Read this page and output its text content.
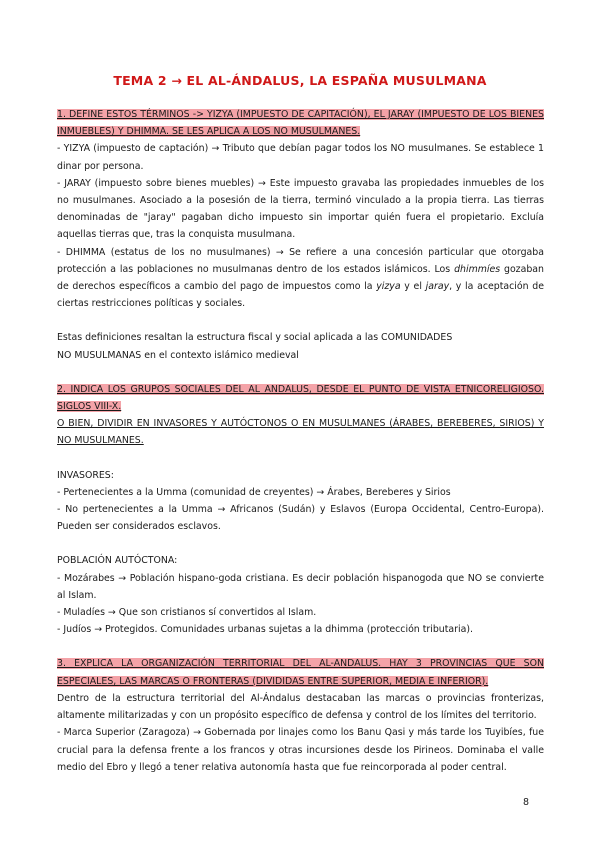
TEMA 2 → EL AL-ÁNDALUS, LA ESPAÑA MUSULMANA

1. DEFINE ESTOS TÉRMINOS -> YIZYA (IMPUESTO DE CAPITACIÓN), EL JARAY (IMPUESTO DE LOS BIENES INMUEBLES) Y DHIMMA. SE LES APLICA A LOS NO MUSULMANES.

- YIZYA (impuesto de captación) → Tributo que debían pagar todos los NO musulmanes. Se establece 1 dinar por persona.

- JARAY (impuesto sobre bienes muebles) → Este impuesto gravaba las propiedades inmuebles de los no musulmanes. Asociado a la posesión de la tierra, terminó vinculado a la propia tierra. Las tierras denominadas de "jaray" pagaban dicho impuesto sin importar quién fuera el propietario. Excluía aquellas tierras que, tras la conquista musulmana.

- DHIMMA (estatus de los no musulmanes) → Se refiere a una concesión particular que otorgaba protección a las poblaciones no musulmanas dentro de los estados islámicos. Los dhimmíes gozaban de derechos específicos a cambio del pago de impuestos como la yizya y el jaray, y la aceptación de ciertas restricciones políticas y sociales.

Estas definiciones resaltan la estructura fiscal y social aplicada a las COMUNIDADES NO MUSULMANAS en el contexto islámico medieval

2. INDICA LOS GRUPOS SOCIALES DEL AL ANDALUS, DESDE EL PUNTO DE VISTA ETNICORELIGIOSO. SIGLOS VIII-X.

O BIEN, DIVIDIR EN INVASORES Y AUTÓCTONOS O EN MUSULMANES (ÁRABES, BEREBERES, SIRIOS) Y NO MUSULMANES.

INVASORES:

- Pertenecientes a la Umma (comunidad de creyentes) → Árabes, Bereberes y Sirios

- No pertenecientes a la Umma → Africanos (Sudán) y Eslavos (Europa Occidental, Centro-Europa). Pueden ser considerados esclavos.

POBLACIÓN AUTÓCTONA:

- Mozárabes → Población hispano-goda cristiana. Es decir población hispanogoda que NO se convierte al Islam.

- Muladíes → Que son cristianos sí convertidos al Islam.

- Judíos → Protegidos. Comunidades urbanas sujetas a la dhimma (protección tributaria).

3. EXPLICA LA ORGANIZACIÓN TERRITORIAL DEL AL-ANDALUS. HAY 3 PROVINCIAS QUE SON ESPECIALES, LAS MARCAS O FRONTERAS (DIVIDIDAS ENTRE SUPERIOR, MEDIA E INFERIOR).

Dentro de la estructura territorial del Al-Ándalus destacaban las marcas o provincias fronterizas, altamente militarizadas y con un propósito específico de defensa y control de los límites del territorio.

- Marca Superior (Zaragoza) → Gobernada por linajes como los Banu Qasi y más tarde los Tuyibíes, fue crucial para la defensa frente a los francos y otras incursiones desde los Pirineos. Dominaba el valle medio del Ebro y llegó a tener relativa autonomía hasta que fue reincorporada al poder central.

8
